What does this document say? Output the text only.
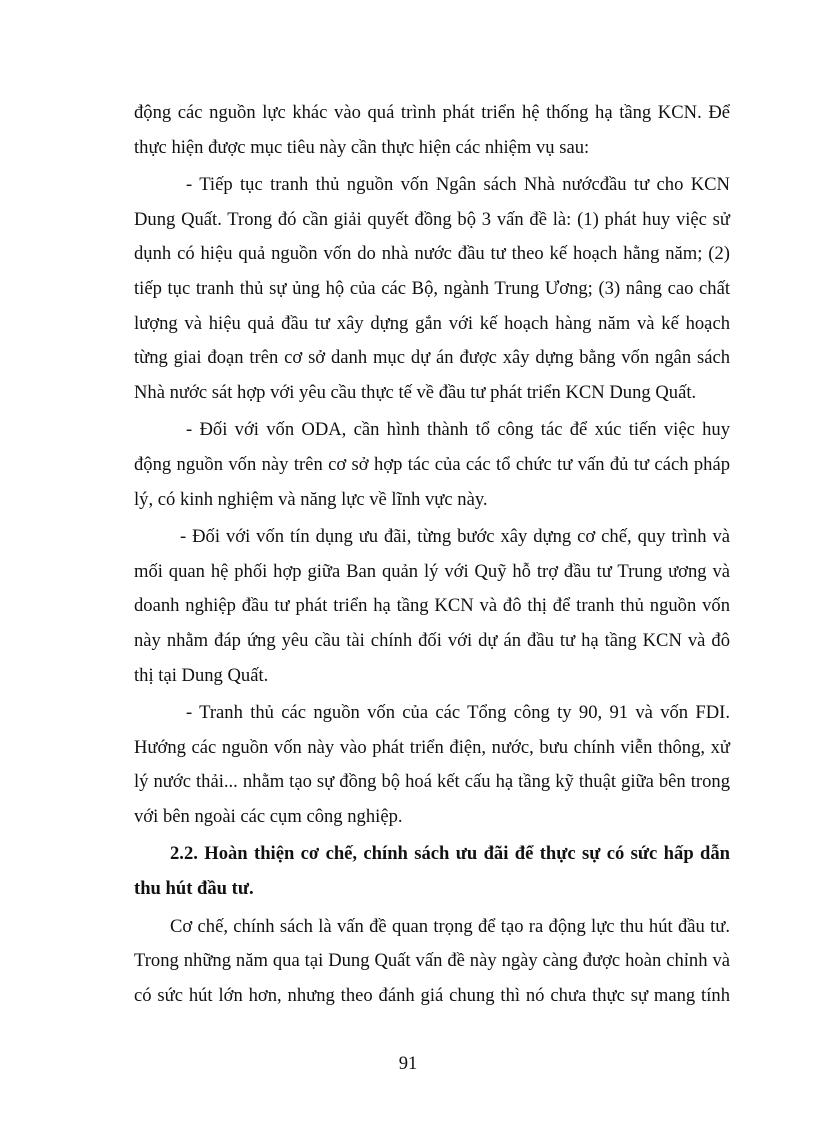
động các nguồn lực khác vào quá trình phát triển hệ thống hạ tầng KCN. Để
thực hiện được mục tiêu này cần thực hiện các nhiệm vụ sau:
- Tiếp tục tranh thủ nguồn vốn Ngân sách Nhà nướcđầu tư cho KCN
Dung Quất. Trong đó cần giải quyết đồng bộ 3 vấn đề là: (1) phát huy việc sử
dụnh có hiệu quả nguồn vốn do nhà nước đầu tư theo kế hoạch hằng năm; (2)
tiếp tục tranh thủ sự ủng hộ của các Bộ, ngành Trung Ương; (3) nâng cao chất
lượng và hiệu quả đầu tư xây dựng gắn với kế hoạch hàng năm và kế hoạch
từng giai đoạn trên cơ sở danh mục dự án được xây dựng bằng vốn ngân sách
Nhà nước sát hợp với yêu cầu thực tế về đầu tư phát triển KCN Dung Quất.
- Đối với vốn ODA, cần hình thành tổ công tác để xúc tiến việc huy
động nguồn vốn này trên cơ sở hợp tác của các tổ chức tư vấn đủ tư cách pháp
lý, có kinh nghiệm và năng lực về lĩnh vực này.
- Đối với vốn tín dụng ưu đãi, từng bước xây dựng cơ chế, quy trình và
mối quan hệ phối hợp giữa Ban quản lý với Quỹ hỗ trợ đầu tư Trung ương và
doanh nghiệp đầu tư phát triển hạ tầng KCN và đô thị để tranh thủ nguồn vốn
này nhằm đáp ứng yêu cầu tài chính đối với dự án đầu tư hạ tầng KCN và đô
thị tại Dung Quất.
- Tranh thủ các nguồn vốn của các Tổng công ty 90, 91 và vốn FDI.
Hướng các nguồn vốn này vào phát triển điện, nước, bưu chính viễn thông, xử
lý nước thải... nhằm tạo sự đồng bộ hoá kết cấu hạ tầng kỹ thuật giữa bên trong
với bên ngoài các cụm công nghiệp.
2.2. Hoàn thiện cơ chế, chính sách ưu đãi để thực sự có sức hấp dẫn
thu hút đầu tư.
Cơ chế, chính sách là vấn đề quan trọng để tạo ra động lực thu hút đầu tư.
Trong những năm qua tại Dung Quất vấn đề này ngày càng được hoàn chỉnh và
có sức hút lớn hơn, nhưng theo đánh giá chung thì nó chưa thực sự mang tính
91
